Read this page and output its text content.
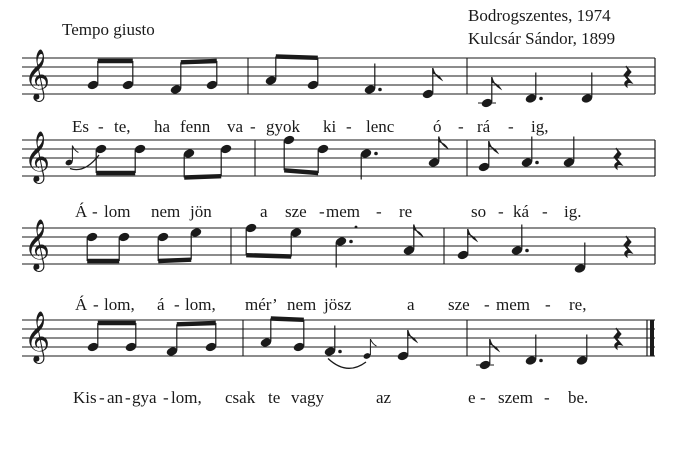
𝄞
𝄞
𝄞
𝄞
Tempo giusto
Bodrogszentes, 1974
Kulcsár Sándor, 1899
Es - te, ha fenn va - gyok ki - lenc ó - rá - ig,
Á - lom nem jön	a sze - mem - re	so - ká - ig.
Á - lom, á - lom, mér’ nem jösz	a sze - mem - re,
Kis - an - gya - lom, csak te vagy	az	e - szem - be.
